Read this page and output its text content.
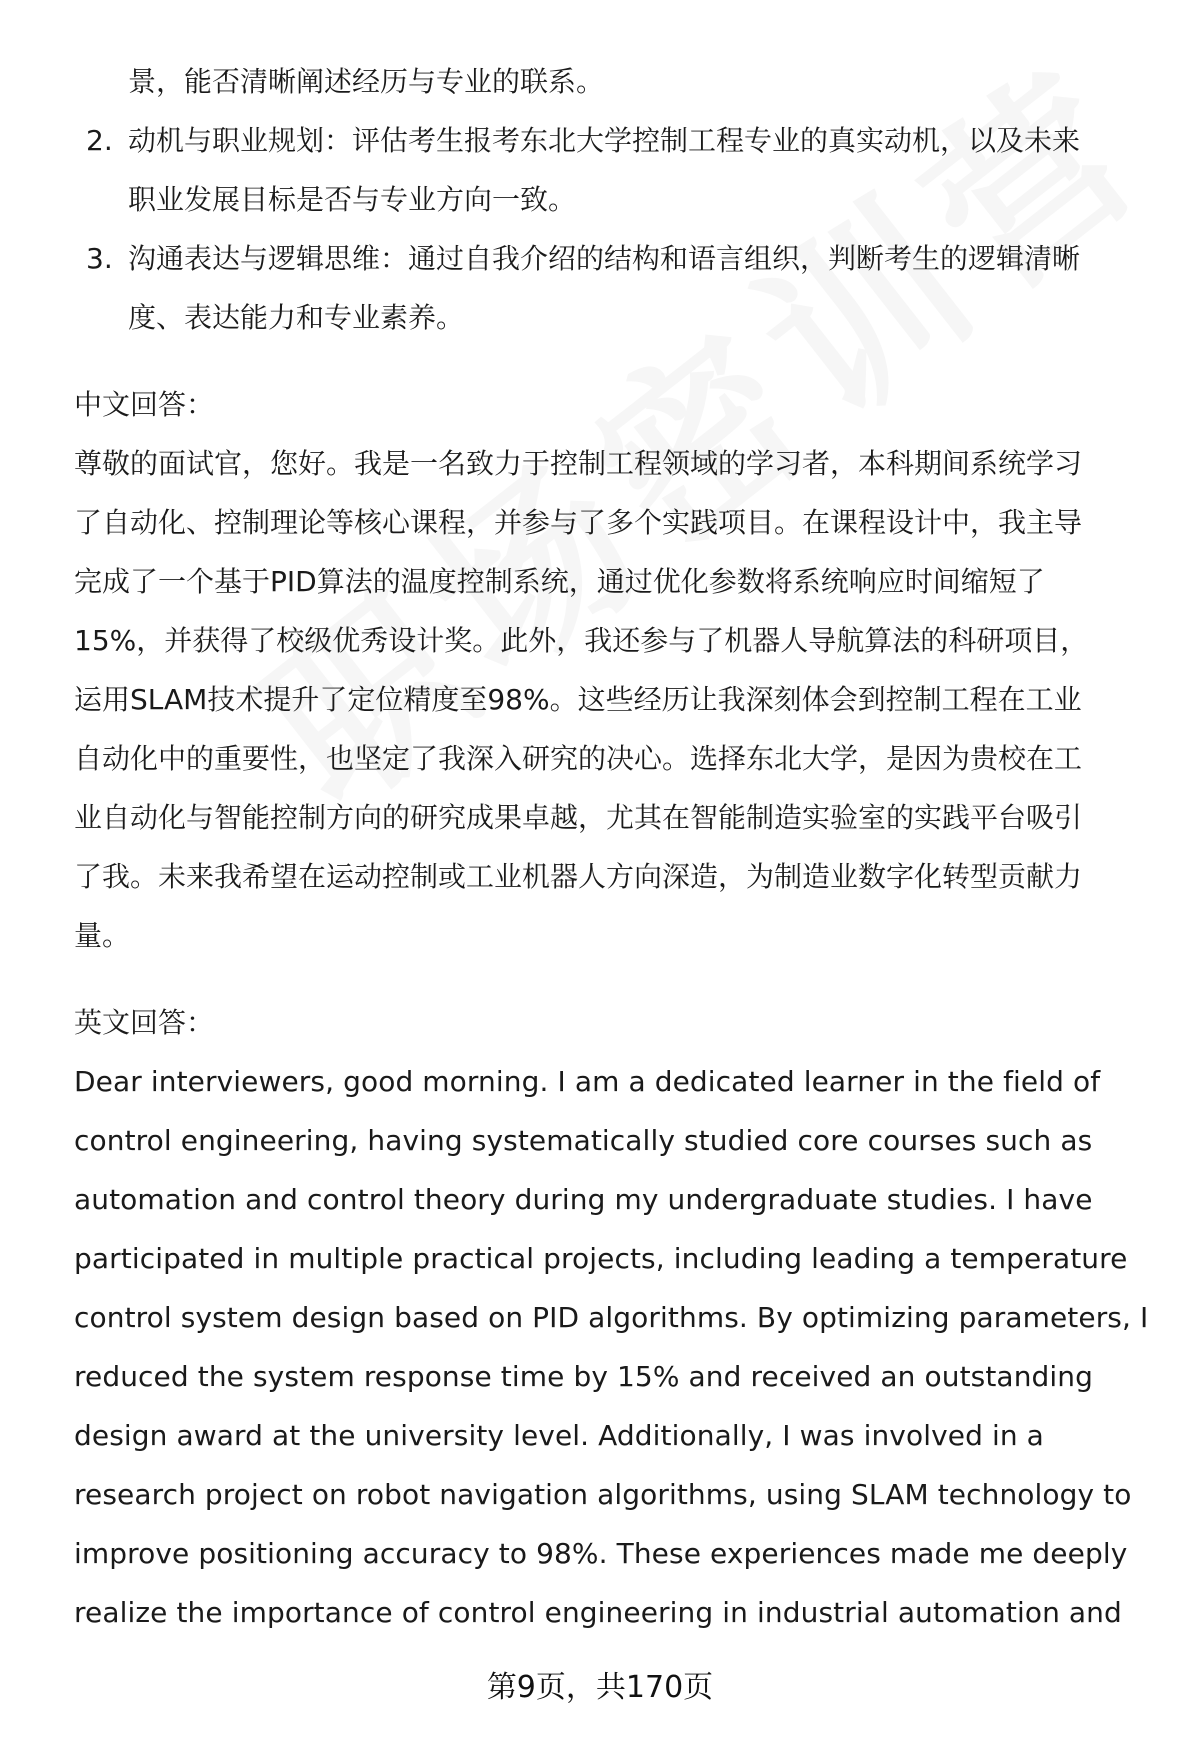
景，能否清晰阐述经历与专业的联系。
2. 动机与职业规划：评估考生报考东北大学控制工程专业的真实动机，以及未来
职业发展目标是否与专业方向一致。
3. 沟通表达与逻辑思维：通过自我介绍的结构和语言组织，判断考生的逻辑清晰
度、表达能力和专业素养。
中文回答：
尊敬的面试官，您好。我是一名致力于控制工程领域的学习者，本科期间系统学习
了自动化、控制理论等核心课程，并参与了多个实践项目。在课程设计中，我主导
完成了一个基于PID算法的温度控制系统，通过优化参数将系统响应时间缩短了
15%，并获得了校级优秀设计奖。此外，我还参与了机器人导航算法的科研项目，
运用SLAM技术提升了定位精度至98%。这些经历让我深刻体会到控制工程在工业
自动化中的重要性，也坚定了我深入研究的决心。选择东北大学，是因为贵校在工
业自动化与智能控制方向的研究成果卓越，尤其在智能制造实验室的实践平台吸引
了我。未来我希望在运动控制或工业机器人方向深造，为制造业数字化转型贡献力
量。
英文回答：
Dear interviewers, good morning. I am a dedicated learner in the field of
control engineering, having systematically studied core courses such as
automation and control theory during my undergraduate studies. I have
participated in multiple practical projects, including leading a temperature
control system design based on PID algorithms. By optimizing parameters, I
reduced the system response time by 15% and received an outstanding
design award at the university level. Additionally, I was involved in a
research project on robot navigation algorithms, using SLAM technology to
improve positioning accuracy to 98%. These experiences made me deeply
realize the importance of control engineering in industrial automation and
第9页，共170页
